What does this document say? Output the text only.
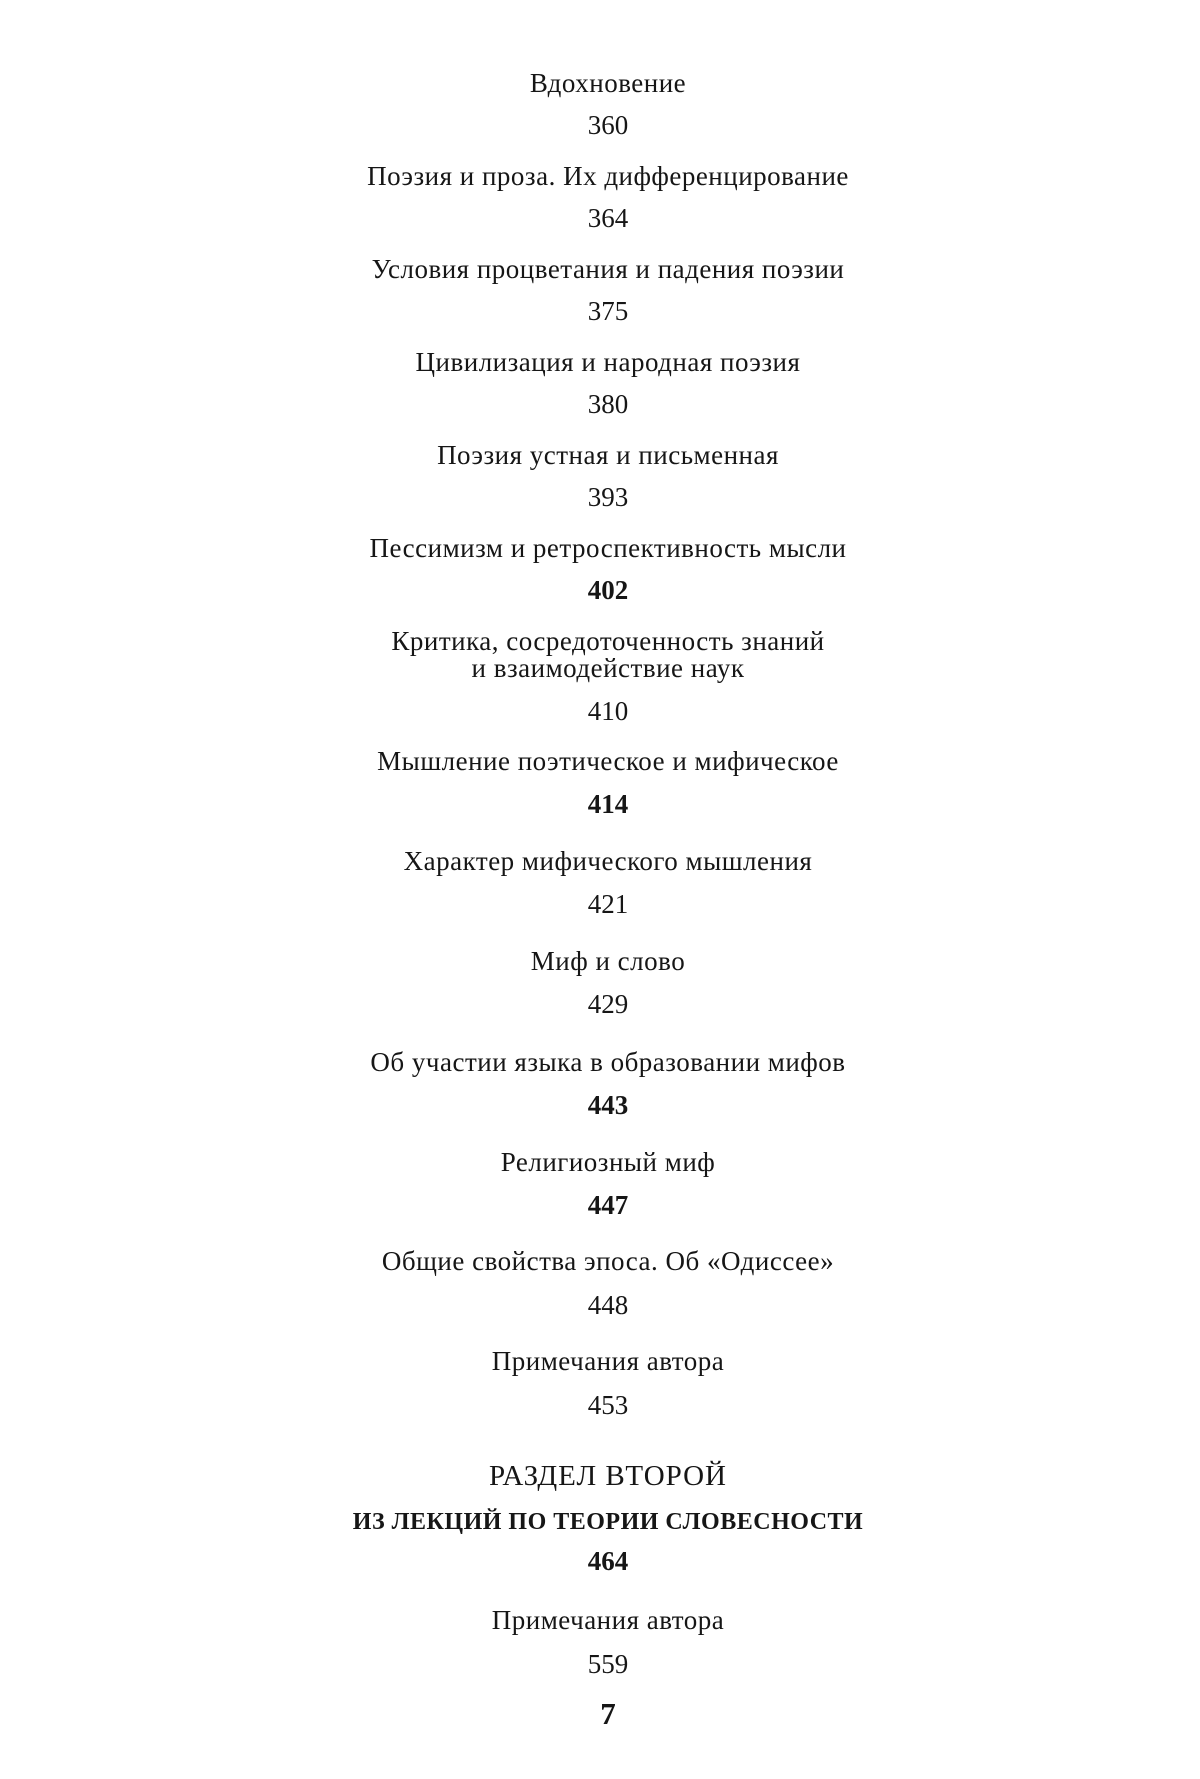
Вдохновение
360
Поэзия и проза. Их дифференцирование
364
Условия процветания и падения поэзии
375
Цивилизация и народная поэзия
380
Поэзия устная и письменная
393
Пессимизм и ретроспективность мысли
402
Критика, сосредоточенность знаний
и взаимодействие наук
410
Мышление поэтическое и мифическое
414
Характер мифического мышления
421
Миф и слово
429
Об участии языка в образовании мифов
443
Религиозный миф
447
Общие свойства эпоса. Об «Одиссее»
448
Примечания автора
453
РАЗДЕЛ ВТОРОЙ
ИЗ ЛЕКЦИЙ ПО ТЕОРИИ СЛОВЕСНОСТИ
464
Примечания автора
559
7
